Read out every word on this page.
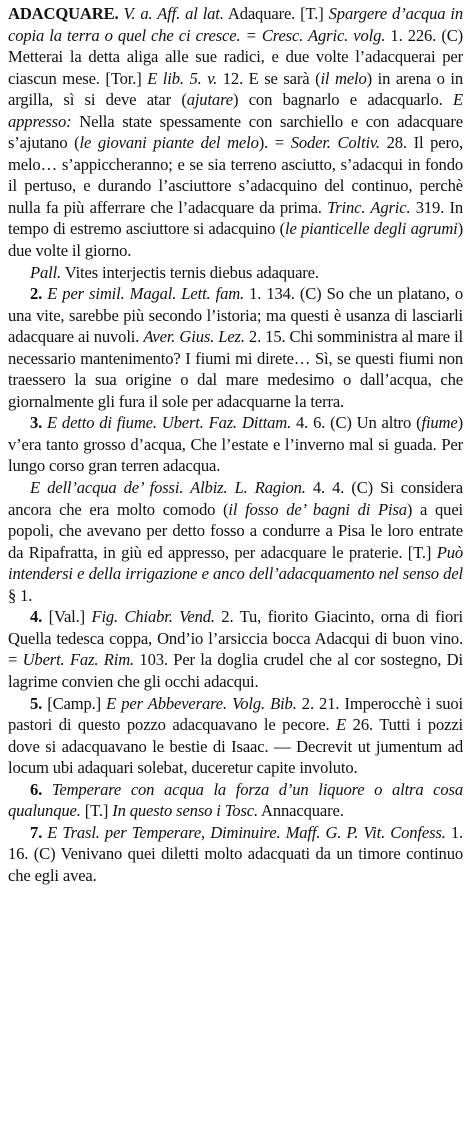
ADACQUARE. V. a. Aff. al lat. Adaquare. [T.] Spargere d’acqua in copia la terra o quel che ci cresce. = Cresc. Agric. volg. 1. 226. (C) Metterai la detta aliga alle sue radici, e due volte l’adacquerai per ciascun mese. [Tor.] E lib. 5. v. 12. E se sarà (il melo) in arena o in argilla, sì si deve atar (ajutare) con bagnarlo e adacquarlo. E appresso: Nella state spessamente con sarchiello e con adacquare s’ajutano (le giovani piante del melo). = Soder. Coltiv. 28. Il pero, melo… s’appiccheranno; e se sia terreno asciutto, s’adacqui in fondo il pertuso, e durando l’asciuttore s’adacquino del continuo, perchè nulla fa più afferrare che l’adacquare da prima. Trinc. Agric. 319. In tempo di estremo asciuttore si adacquino (le pianticelle degli agrumi) due volte il giorno.

Pall. Vites interjectis ternis diebus adaquare.

2. E per simil. Magal. Lett. fam. 1. 134. (C) So che un platano, o una vite, sarebbe più secondo l’istoria; ma questi è usanza di lasciarli adacquare ai nuvoli. Aver. Gius. Lez. 2. 15. Chi somministra al mare il necessario mantenimento? I fiumi mi direte… Sì, se questi fiumi non traessero la sua origine o dal mare medesimo o dall’acqua, che giornalmente gli fura il sole per adacquarne la terra.

3. E detto di fiume. Ubert. Faz. Dittam. 4. 6. (C) Un altro (fiume) v’era tanto grosso d’acqua, Che l’estate e l’inverno mal si guada. Per lungo corso gran terren adacqua.

E dell’acqua de’ fossi. Albiz. L. Ragion. 4. 4. (C) Si considera ancora che era molto comodo (il fosso de’ bagni di Pisa) a quei popoli, che avevano per detto fosso a condurre a Pisa le loro entrate da Ripafratta, in giù ed appresso, per adacquare le praterie. [T.] Può intendersi e della irrigazione e anco dell’adacquamento nel senso del § 1.

4. [Val.] Fig. Chiabr. Vend. 2. Tu, fiorito Giacinto, orna di fiori Quella tedesca coppa, Ond’io l’arsiccia bocca Adacqui di buon vino. = Ubert. Faz. Rim. 103. Per la doglia crudel che al cor sostegno, Di lagrime convien che gli occhi adacqui.

5. [Camp.] E per Abbeverare. Volg. Bib. 2. 21. Imperocchè i suoi pastori di questo pozzo adacquavano le pecore. E 26. Tutti i pozzi dove si adacquavano le bestie di Isaac. — Decrevit ut jumentum ad locum ubi adaquari solebat, duceretur capite involuto.

6. Temperare con acqua la forza d’un liquore o altra cosa qualunque. [T.] In questo senso i Tosc. Annacquare.

7. E Trasl. per Temperare, Diminuire. Maff. G. P. Vit. Confess. 1. 16. (C) Venivano quei diletti molto adacquati da un timore continuo che egli avea.
